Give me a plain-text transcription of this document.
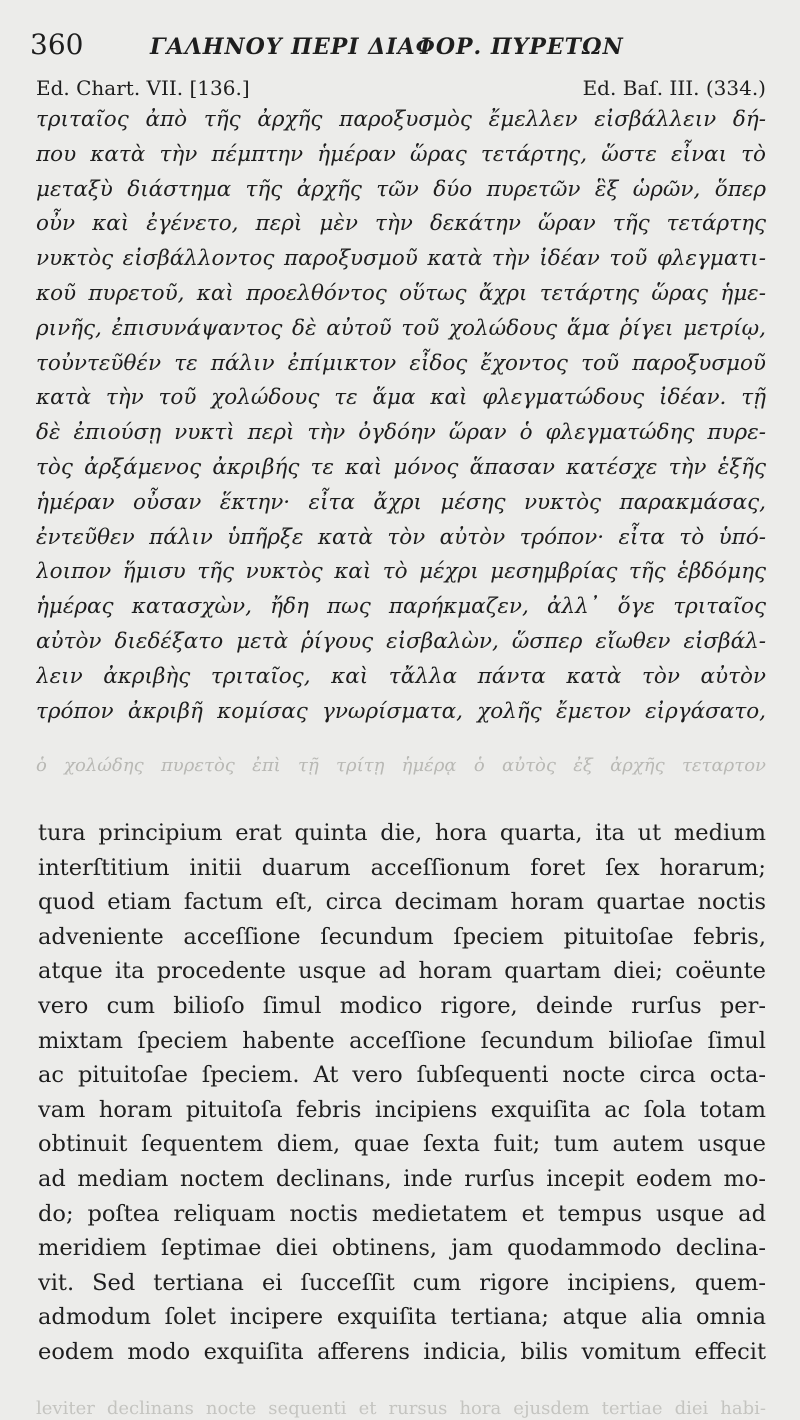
360	ΓΑΛΗΝΟΥ ΠΕΡΙ ΔΙΑΦΟΡ. ΠΥΡΕΤΩΝ
Ed. Chart. VII. [136.]	Ed. Baſ. III. (334.)
τριταῖος ἀπὸ τῆς ἀρχῆς παροξυσμὸς ἔμελλεν εἰσβάλλειν δή-
που κατὰ τὴν πέμπτην ἡμέραν ὥρας τετάρτης, ὥστε εἶναι τὸ
μεταξὺ διάστημα τῆς ἀρχῆς τῶν δύο πυρετῶν ἓξ ὡρῶν, ὅπερ
οὖν καὶ ἐγένετο, περὶ μὲν τὴν δεκάτην ὥραν τῆς τετάρτης
νυκτὸς εἰσβάλλοντος παροξυσμοῦ κατὰ τὴν ἰδέαν τοῦ φλεγματι-
κοῦ πυρετοῦ, καὶ προελθόντος οὕτως ἄχρι τετάρτης ὥρας ἡμε-
ρινῆς, ἐπισυνάψαντος δὲ αὐτοῦ τοῦ χολώδους ἅμα ῥίγει μετρίῳ,
τοὐντεῦθέν τε πάλιν ἐπίμικτον εἶδος ἔχοντος τοῦ παροξυσμοῦ
κατὰ τὴν τοῦ χολώδους τε ἅμα καὶ φλεγματώδους ἰδέαν. τῇ
δὲ ἐπιούσῃ νυκτὶ περὶ τὴν ὀγδόην ὥραν ὁ φλεγματώδης πυρε-
τὸς ἀρξάμενος ἀκριβής τε καὶ μόνος ἅπασαν κατέσχε τὴν ἑξῆς
ἡμέραν οὖσαν ἕκτην· εἶτα ἄχρι μέσης νυκτὸς παρακμάσας,
ἐντεῦθεν πάλιν ὑπῆρξε κατὰ τὸν αὐτὸν τρόπον· εἶτα τὸ ὑπό-
λοιπον ἥμισυ τῆς νυκτὸς καὶ τὸ μέχρι μεσημβρίας τῆς ἑβδόμης
ἡμέρας κατασχὼν, ἤδη πως παρήκμαζεν, ἀλλ᾽ ὅγε τριταῖος
αὐτὸν διεδέξατο μετὰ ῥίγους εἰσβαλὼν, ὥσπερ εἴωθεν εἰσβάλ-
λειν ἀκριβὴς τριταῖος, καὶ τἄλλα πάντα κατὰ τὸν αὐτὸν
τρόπον ἀκριβῆ κομίσας γνωρίσματα, χολῆς ἔμετον εἰργάσατο,
ὁ χολώδης πυρετὸς ἐπὶ τῇ τρίτῃ ἡμέρᾳ ὁ αὐτὸς ἐξ ἀρχῆς τεταρτον
tura principium erat quinta die, hora quarta, ita ut medium
interſtitium initii duarum acceſſionum foret ſex horarum;
quod etiam factum eſt, circa decimam horam quartae noctis
adveniente acceſſione ſecundum ſpeciem pituitoſae febris,
atque ita procedente usque ad horam quartam diei; coëunte
vero cum bilioſo ſimul modico rigore, deinde rurſus per-
mixtam ſpeciem habente acceſſione ſecundum bilioſae ſimul
ac pituitoſae ſpeciem. At vero ſubſequenti nocte circa octa-
vam horam pituitoſa febris incipiens exquiſita ac ſola totam
obtinuit ſequentem diem, quae ſexta fuit; tum autem usque
ad mediam noctem declinans, inde rurſus incepit eodem mo-
do; poſtea reliquam noctis medietatem et tempus usque ad
meridiem ſeptimae diei obtinens, jam quodammodo declina-
vit. Sed tertiana ei ſucceſſit cum rigore incipiens, quem-
admodum ſolet incipere exquiſita tertiana; atque alia omnia
eodem modo exquiſita afferens indicia, bilis vomitum effecit
leviter declinans nocte sequenti et rursus hora ejusdem tertiae diei habi-
